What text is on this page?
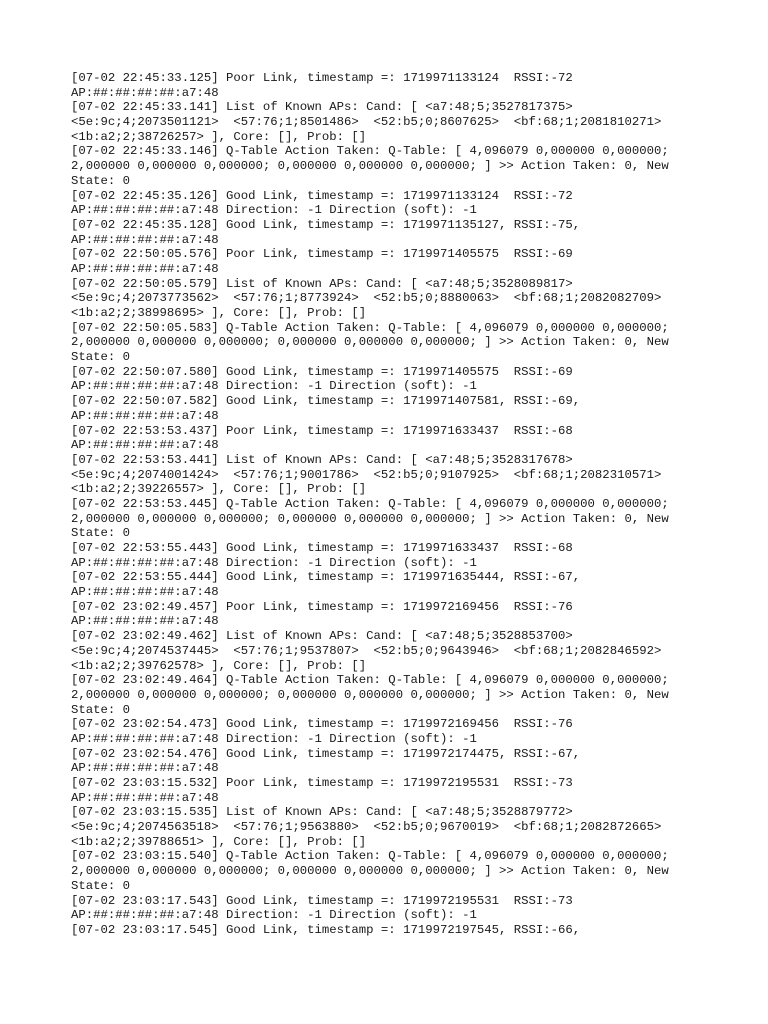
[07-02 22:45:33.125] Poor Link, timestamp =: 1719971133124  RSSI:-72
AP:##:##:##:##:a7:48
[07-02 22:45:33.141] List of Known APs: Cand: [ <a7:48;5;3527817375>
<5e:9c;4;2073501121>  <57:76;1;8501486>  <52:b5;0;8607625>  <bf:68;1;2081810271>
<1b:a2;2;38726257> ], Core: [], Prob: []
[07-02 22:45:33.146] Q-Table Action Taken: Q-Table: [ 4,096079 0,000000 0,000000;
2,000000 0,000000 0,000000; 0,000000 0,000000 0,000000; ] >> Action Taken: 0, New
State: 0
[07-02 22:45:35.126] Good Link, timestamp =: 1719971133124  RSSI:-72
AP:##:##:##:##:a7:48 Direction: -1 Direction (soft): -1
[07-02 22:45:35.128] Good Link, timestamp =: 1719971135127, RSSI:-75,
AP:##:##:##:##:a7:48
[07-02 22:50:05.576] Poor Link, timestamp =: 1719971405575  RSSI:-69
AP:##:##:##:##:a7:48
[07-02 22:50:05.579] List of Known APs: Cand: [ <a7:48;5;3528089817>
<5e:9c;4;2073773562>  <57:76;1;8773924>  <52:b5;0;8880063>  <bf:68;1;2082082709>
<1b:a2;2;38998695> ], Core: [], Prob: []
[07-02 22:50:05.583] Q-Table Action Taken: Q-Table: [ 4,096079 0,000000 0,000000;
2,000000 0,000000 0,000000; 0,000000 0,000000 0,000000; ] >> Action Taken: 0, New
State: 0
[07-02 22:50:07.580] Good Link, timestamp =: 1719971405575  RSSI:-69
AP:##:##:##:##:a7:48 Direction: -1 Direction (soft): -1
[07-02 22:50:07.582] Good Link, timestamp =: 1719971407581, RSSI:-69,
AP:##:##:##:##:a7:48
[07-02 22:53:53.437] Poor Link, timestamp =: 1719971633437  RSSI:-68
AP:##:##:##:##:a7:48
[07-02 22:53:53.441] List of Known APs: Cand: [ <a7:48;5;3528317678>
<5e:9c;4;2074001424>  <57:76;1;9001786>  <52:b5;0;9107925>  <bf:68;1;2082310571>
<1b:a2;2;39226557> ], Core: [], Prob: []
[07-02 22:53:53.445] Q-Table Action Taken: Q-Table: [ 4,096079 0,000000 0,000000;
2,000000 0,000000 0,000000; 0,000000 0,000000 0,000000; ] >> Action Taken: 0, New
State: 0
[07-02 22:53:55.443] Good Link, timestamp =: 1719971633437  RSSI:-68
AP:##:##:##:##:a7:48 Direction: -1 Direction (soft): -1
[07-02 22:53:55.444] Good Link, timestamp =: 1719971635444, RSSI:-67,
AP:##:##:##:##:a7:48
[07-02 23:02:49.457] Poor Link, timestamp =: 1719972169456  RSSI:-76
AP:##:##:##:##:a7:48
[07-02 23:02:49.462] List of Known APs: Cand: [ <a7:48;5;3528853700>
<5e:9c;4;2074537445>  <57:76;1;9537807>  <52:b5;0;9643946>  <bf:68;1;2082846592>
<1b:a2;2;39762578> ], Core: [], Prob: []
[07-02 23:02:49.464] Q-Table Action Taken: Q-Table: [ 4,096079 0,000000 0,000000;
2,000000 0,000000 0,000000; 0,000000 0,000000 0,000000; ] >> Action Taken: 0, New
State: 0
[07-02 23:02:54.473] Good Link, timestamp =: 1719972169456  RSSI:-76
AP:##:##:##:##:a7:48 Direction: -1 Direction (soft): -1
[07-02 23:02:54.476] Good Link, timestamp =: 1719972174475, RSSI:-67,
AP:##:##:##:##:a7:48
[07-02 23:03:15.532] Poor Link, timestamp =: 1719972195531  RSSI:-73
AP:##:##:##:##:a7:48
[07-02 23:03:15.535] List of Known APs: Cand: [ <a7:48;5;3528879772>
<5e:9c;4;2074563518>  <57:76;1;9563880>  <52:b5;0;9670019>  <bf:68;1;2082872665>
<1b:a2;2;39788651> ], Core: [], Prob: []
[07-02 23:03:15.540] Q-Table Action Taken: Q-Table: [ 4,096079 0,000000 0,000000;
2,000000 0,000000 0,000000; 0,000000 0,000000 0,000000; ] >> Action Taken: 0, New
State: 0
[07-02 23:03:17.543] Good Link, timestamp =: 1719972195531  RSSI:-73
AP:##:##:##:##:a7:48 Direction: -1 Direction (soft): -1
[07-02 23:03:17.545] Good Link, timestamp =: 1719972197545, RSSI:-66,
